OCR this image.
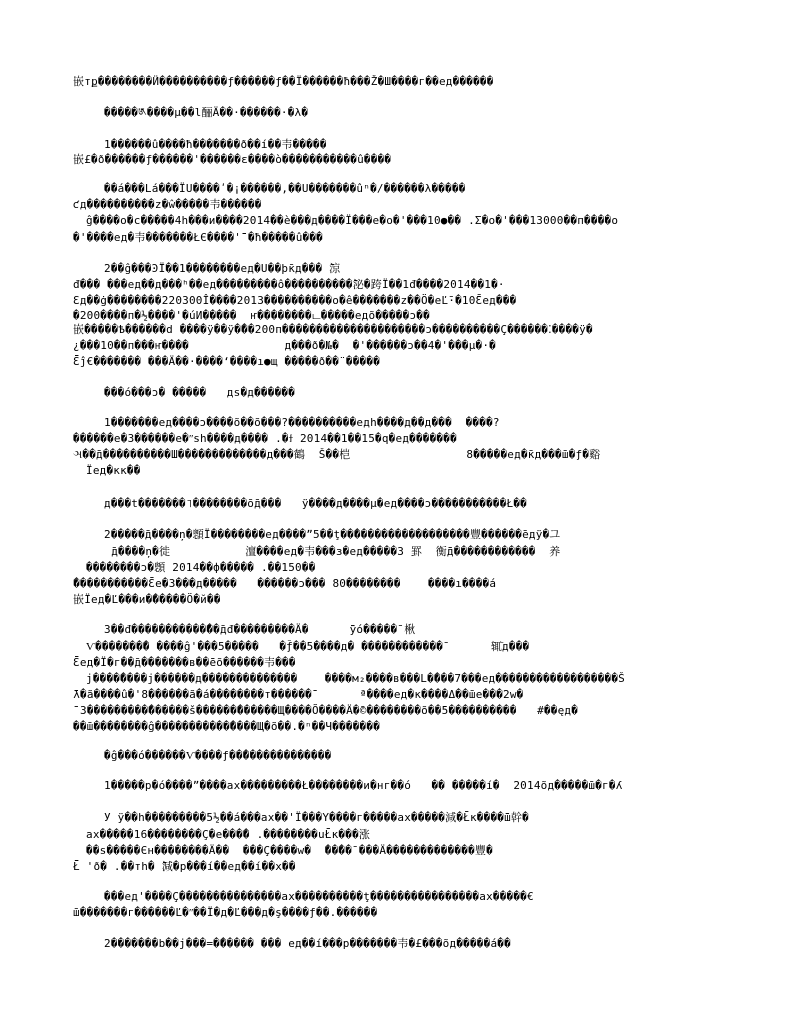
嵌тք��������Ӥ����������ƒ������ƒ��Ï������ħ���Ž�Ш����г��ед������
�����༁����µ��l酾Ä��·������·�λ�
1������û����ħ�������ð��í��壭�����
嵌£�ð������ƒ������'������ε����ò�����������û����
��á���Lá���ÏU����ʹ�¡������,��U�������ûⁿ�/������λ�����
ƈд����������z�ŵ�����壭������
ĝ����o�c�����4h���и����2014��è���д����Ï���е�o�'���10●�� .Σ�o�'���13000��п����o
�'����ед�壭�������ŁЄ����'̄̄̄̄̄̄̄ �ħ�����û���
2��ĝ���Ͽ̄Ï��1��������ед�U��þк̄д��� ̄̄涼
đ��� ���ед��д���ʰ��ед���������ô����������̄̄̄泌�跨Ï��1đ����2014��1�·
Ɛд��ġ��������220300Î����2013����������o�ê�������z��Ö�еĽ̄·�10̄̄Ɛ̄ед���
�200����п�½����'�úИ�����  ҥ��������ட�����едõ�����ɔ��̄
嵌�����Ѣ������d ����ÿ��ÿ�̄��200п���������������������ɔ����������Ç������⁚����ÿ�
¿���10��п���ҥ����              д���ð�№�  �'������ɔ��4�'���µ�·�
Ɛ̄̄̄̄ĵ€������� ���Ä��·����‘����ı●щ �����ð��¨�����
���ó���ɔ� �����   дs�д������̄
1�������ед����ɔ����õ��õ���?����������едh����д��д���  ����?
������е�З������е�ʺsh����д���� .�ϯ 2014��1��15�q�ед�������
ઞ��̄д����������Ш�������������д���鶴  Š��桤                 8�����ед�к̄д���ш̄�ƒ�谿
Ïед�кк��
д���t�������˥��������ōд̄���   ÿ����д����µ�ед����ɔ�����������Ł��
2�����̄д����ņ�顖Ï��������ед����ˮ5��ţ��̄�����������������豐������̄едÿ�그
̄д����ņ�徙           澶����ед�壭���з�ед�����3 罫  衡д̄̄������������  养
��������ɔ�顖 2014��ф����� .��150��
̄�����������Ɛ̄̄е�З���д�����   ������ɔ��� 80��������    ����ı����á̄
嵌Ïед�Ľ���и�̄�����Ö�й��̄̄
3��đ�����������̄̄̄̄̄��̄дđ���������Ä�      ̄̄ÿó�����̄ 楸
Ѵ�������̄� ����ĝ'���5�����   �ƒ̄��5����д� ������������̄       辄̄д���
Ɛ̄̄̄ед�Ï�г��̄д�������в��е̄̄õ������壭���
ј����̄����ј������д��������������    ����м₂����в���L�̄���7���ед������������������Š̄
̄̄̄̄̄̄λ�ã����û�'8������ã�á��������т������̄̄       ª����ед�к����Δ��ш̄е���2w�
̄̄ З���������̄̄������š������̄������Щ����Õ����Ä�̄©��������õ��̄5����������   #��ęд�
��ш̄��������ĝ�����������̄����Щ�õ��.�ⁿ��Ч�������
�ĝ���ó������Ѵ����ƒ��̄�������������
1�����р�ó����ˮ����ах���������Ł��������и�нг��ó   �� �����í�  2014õд�����ш̄�г�ʎ
У ÿ��h���������5½��á���ах��'Ï���Y����г�����ах�����減�Ł̄̄к����ш̄̄̄幹�
ах�����16��������Ç�е���̄� .��������uŁ̄̄к���涨
��s�����Єн��������Ä��  ���Ç����w�  ̄��̄��̄ ���Ä�������������豐�
Ł̄̄̄̄̄ 'ð� .��тh� ̄̄̄̄̄減�р���í��ед��í��х��
���ед'����Ç���������������ах����������ţ����������������ах�����€
ш̄�������г������Ľ�ʺ��Ï�д�Ľ���д�ş����ƒ��.������
2�������b��ј���=�̄����� ��� ед��í���р�������壭�£���õд�����á��
